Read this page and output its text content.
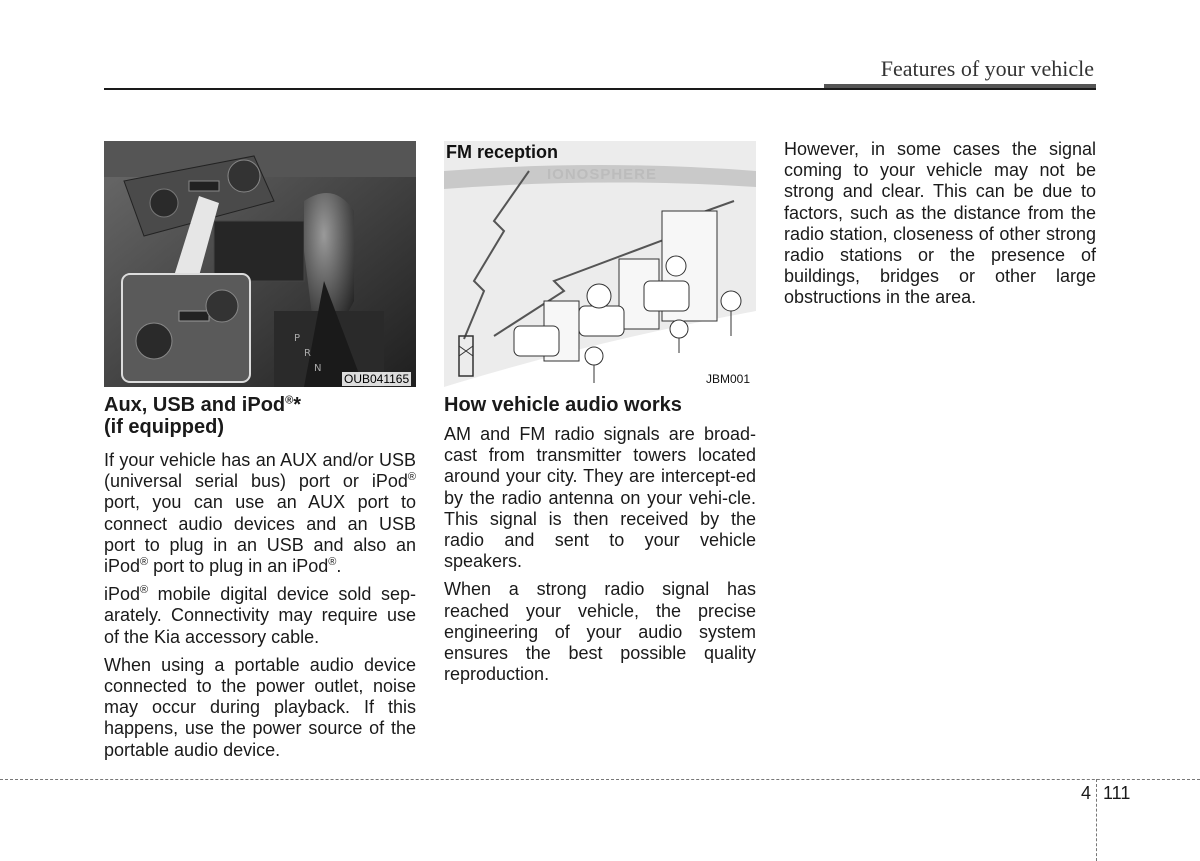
Features of your vehicle
P
R
N
OUB041165
FM reception
IONOSPHERE
JBM001
Aux, USB and iPod®*
(if equipped)

If your vehicle has an AUX and/or USB (universal serial bus) port or iPod® port, you can use an AUX port to connect audio devices and an USB port to plug in an USB and also an iPod® port to plug in an iPod®.

iPod® mobile digital device sold sep-arately. Connectivity may require use of the Kia accessory cable.

When using a portable audio device connected to the power outlet, noise may occur during playback. If this happens, use the power source of the portable audio device.

How vehicle audio works

AM and FM radio signals are broad-cast from transmitter towers located around your city. They are intercept-ed by the radio antenna on your vehi-cle. This signal is then received by the radio and sent to your vehicle speakers.

When a strong radio signal has reached your vehicle, the precise engineering of your audio system ensures the best possible quality reproduction.

However, in some cases the signal coming to your vehicle may not be strong and clear. This can be due to factors, such as the distance from the radio station, closeness of other strong radio stations or the presence of buildings, bridges or other large obstructions in the area.

4 111
